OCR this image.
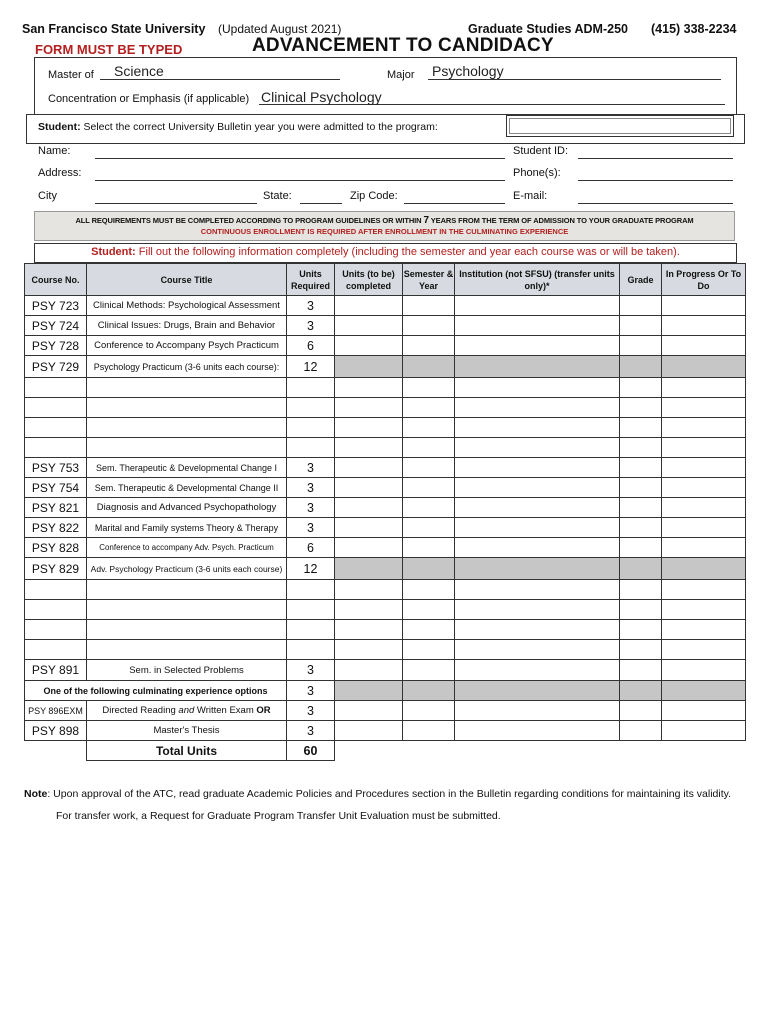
San Francisco State University (Updated August 2021)	Graduate Studies ADM-250 (415) 338-2234
FORM MUST BE TYPED	ADVANCEMENT TO CANDIDACY
Master of Science	Major Psychology
Concentration or Emphasis (if applicable) Clinical Psychology
Student: Select the correct University Bulletin year you were admitted to the program:
Name:	Student ID:
Address:	Phone(s):
City	State:	Zip Code:	E-mail:
ALL REQUIREMENTS MUST BE COMPLETED ACCORDING TO PROGRAM GUIDELINES OR WITHIN 7 YEARS FROM THE TERM OF ADMISSION TO YOUR GRADUATE PROGRAM
CONTINUOUS ENROLLMENT IS REQUIRED AFTER ENROLLMENT IN THE CULMINATING EXPERIENCE
Student: Fill out the following information completely (including the semester and year each course was or will be taken).
Course No.	Course Title	Units Required	Units (to be) completed	Semester & Year	Institution (not SFSU) (transfer units only)*	Grade	In Progress Or To Do
PSY 723	Clinical Methods: Psychological Assessment	3					
PSY 724	Clinical Issues: Drugs, Brain and Behavior	3					
PSY 728	Conference to Accompany Psych Practicum	6					
PSY 729	Psychology Practicum (3-6 units each course):	12					

PSY 753	Sem. Therapeutic & Developmental Change I	3					
PSY 754	Sem. Therapeutic & Developmental Change II	3					
PSY 821	Diagnosis and Advanced Psychopathology	3					
PSY 822	Marital and Family systems Theory & Therapy	3					
PSY 828	Conference to accompany Adv. Psych. Practicum	6					
PSY 829	Adv. Psychology Practicum (3-6 units each course)	12					

PSY 891	Sem. in Selected Problems	3					
One of the following culminating experience options		3					
PSY 896EXM	Directed Reading and Written Exam OR	3					
PSY 898	Master's Thesis	3					
	Total Units	60					
Note: Upon approval of the ATC, read graduate Academic Policies and Procedures section in the Bulletin regarding conditions for maintaining its validity.
For transfer work, a Request for Graduate Program Transfer Unit Evaluation must be submitted.
